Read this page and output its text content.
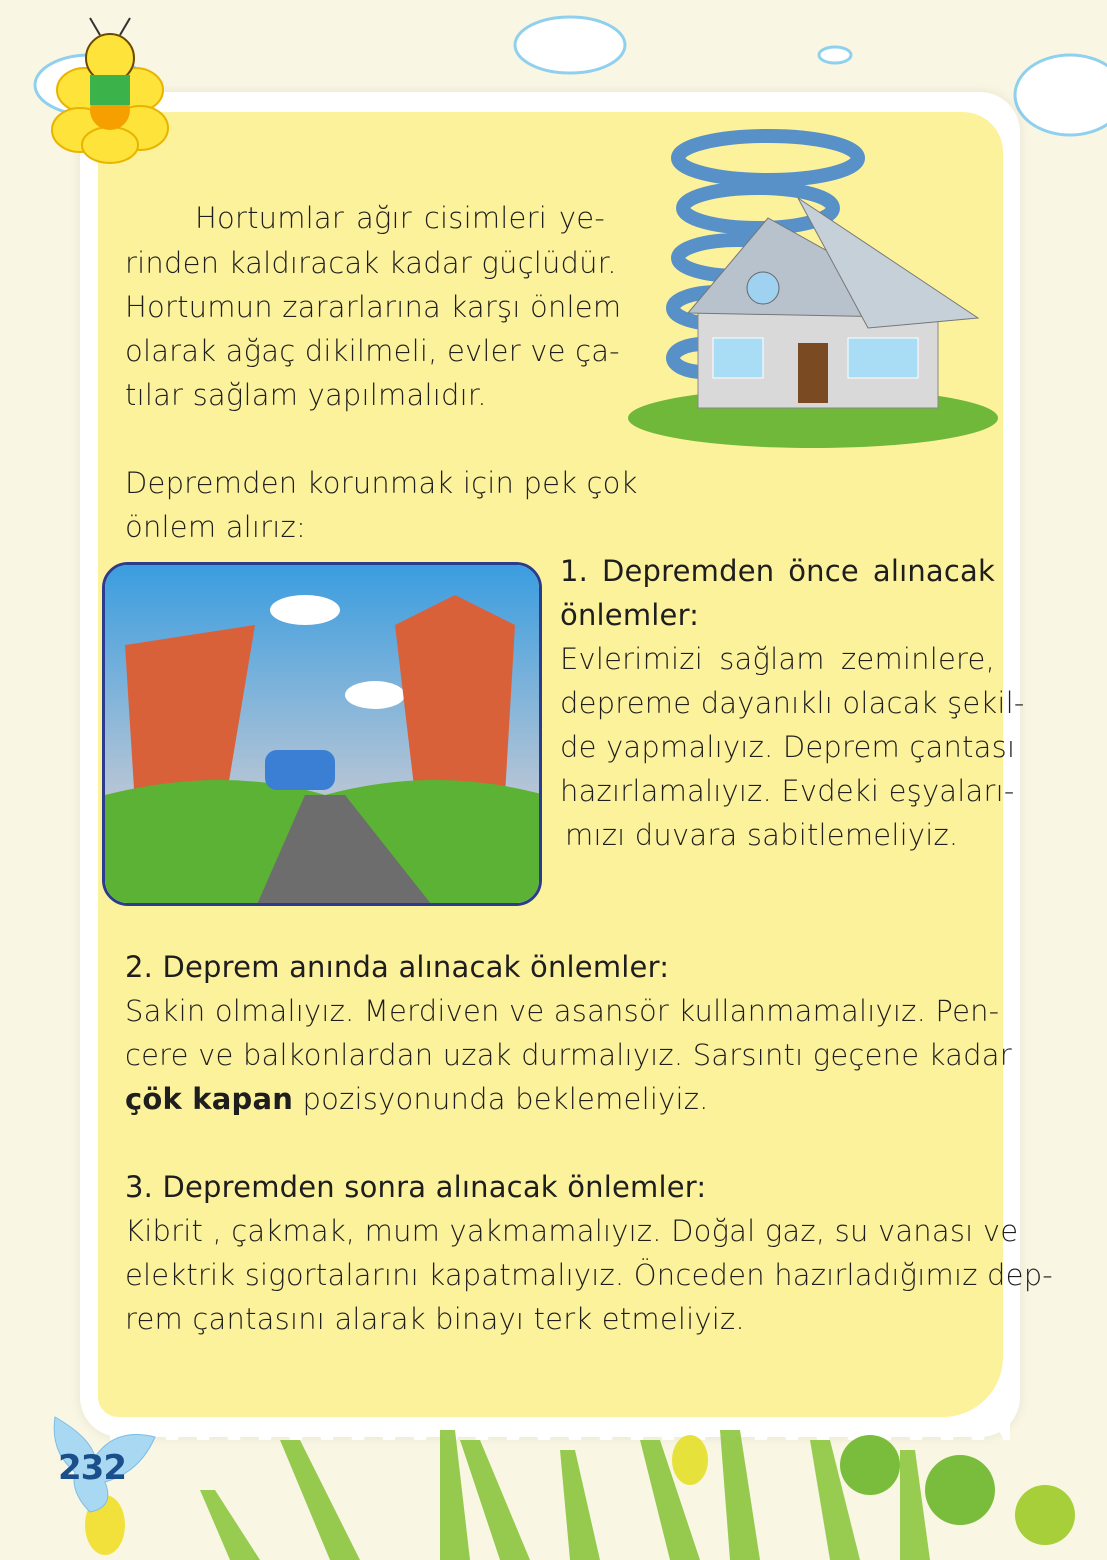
Hortumlar ağır cisimleri ye-
rinden kaldıracak kadar güçlüdür.
Hortumun zararlarına karşı önlem
olarak ağaç dikilmeli, evler ve ça-
tılar sağlam yapılmalıdır.
Depremden korunmak için pek çok
önlem alırız:
1. Depremden önce alınacak
önlemler:
Evlerimizi sağlam zeminlere,
depreme dayanıklı olacak şekil-
de yapmalıyız. Deprem çantası
hazırlamalıyız. Evdeki eşyaları-
mızı duvara sabitlemeliyiz.
2. Deprem anında alınacak önlemler:
Sakin olmalıyız. Merdiven ve asansör kullanmamalıyız. Pen-
cere ve balkonlardan uzak durmalıyız. Sarsıntı geçene kadar
çök kapan pozisyonunda beklemeliyiz.
3. Depremden sonra alınacak önlemler:
Kibrit , çakmak, mum yakmamalıyız. Doğal gaz, su vanası ve
elektrik sigortalarını kapatmalıyız. Önceden hazırladığımız dep-
rem çantasını alarak binayı terk etmeliyiz.
232
